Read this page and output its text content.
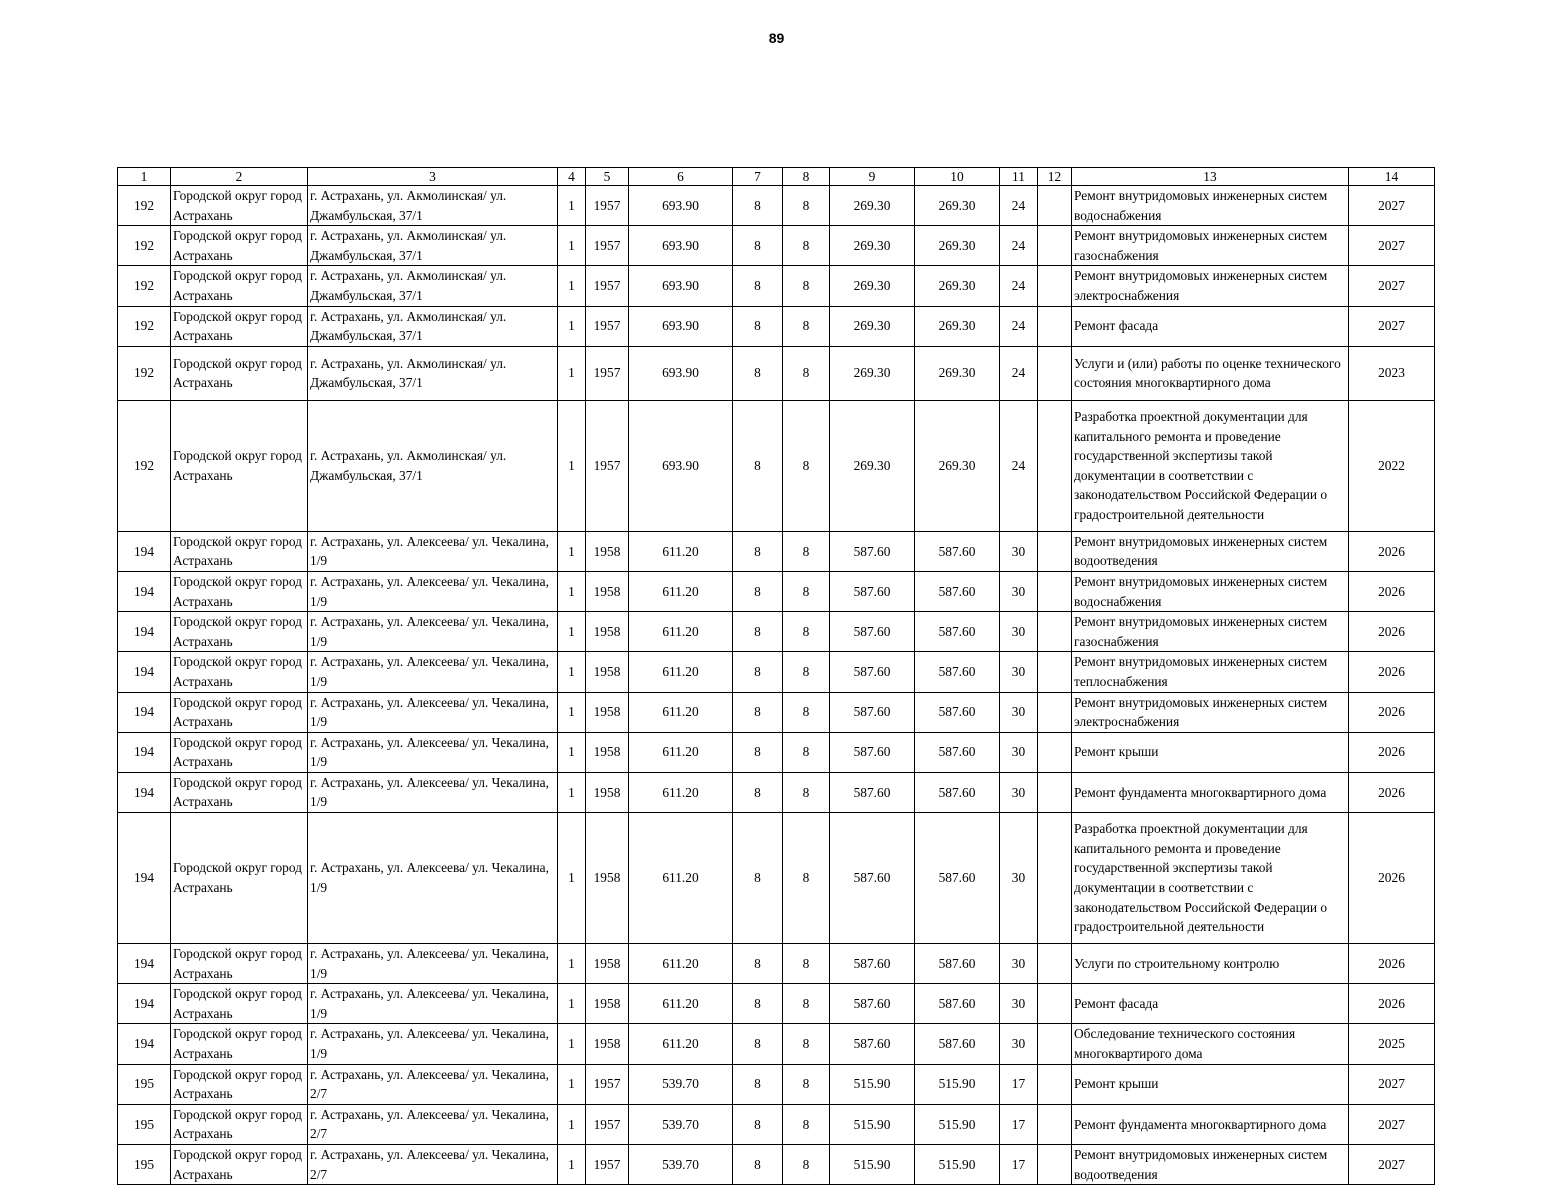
89
1	2	3	4	5	6	7	8	9	10	11	12	13	14
192	Городской округ город Астрахань	г. Астрахань, ул. Акмолинская/ ул. Джамбульская, 37/1	1	1957	693.90	8	8	269.30	269.30	24		Ремонт внутридомовых инженерных систем водоснабжения	2027
192	Городской округ город Астрахань	г. Астрахань, ул. Акмолинская/ ул. Джамбульская, 37/1	1	1957	693.90	8	8	269.30	269.30	24		Ремонт внутридомовых инженерных систем газоснабжения	2027
192	Городской округ город Астрахань	г. Астрахань, ул. Акмолинская/ ул. Джамбульская, 37/1	1	1957	693.90	8	8	269.30	269.30	24		Ремонт внутридомовых инженерных систем электроснабжения	2027
192	Городской округ город Астрахань	г. Астрахань, ул. Акмолинская/ ул. Джамбульская, 37/1	1	1957	693.90	8	8	269.30	269.30	24		Ремонт фасада	2027
192	Городской округ город Астрахань	г. Астрахань, ул. Акмолинская/ ул. Джамбульская, 37/1	1	1957	693.90	8	8	269.30	269.30	24		Услуги и (или) работы по оценке технического состояния многоквартирного дома	2023
192	Городской округ город Астрахань	г. Астрахань, ул. Акмолинская/ ул. Джамбульская, 37/1	1	1957	693.90	8	8	269.30	269.30	24		Разработка проектной документации для капитального ремонта и проведение государственной экспертизы такой документации в соответствии с законодательством Российской Федерации о градостроительной деятельности	2022
194	Городской округ город Астрахань	г. Астрахань, ул. Алексеева/ ул. Чекалина, 1/9	1	1958	611.20	8	8	587.60	587.60	30		Ремонт внутридомовых инженерных систем водоотведения	2026
194	Городской округ город Астрахань	г. Астрахань, ул. Алексеева/ ул. Чекалина, 1/9	1	1958	611.20	8	8	587.60	587.60	30		Ремонт внутридомовых инженерных систем водоснабжения	2026
194	Городской округ город Астрахань	г. Астрахань, ул. Алексеева/ ул. Чекалина, 1/9	1	1958	611.20	8	8	587.60	587.60	30		Ремонт внутридомовых инженерных систем газоснабжения	2026
194	Городской округ город Астрахань	г. Астрахань, ул. Алексеева/ ул. Чекалина, 1/9	1	1958	611.20	8	8	587.60	587.60	30		Ремонт внутридомовых инженерных систем теплоснабжения	2026
194	Городской округ город Астрахань	г. Астрахань, ул. Алексеева/ ул. Чекалина, 1/9	1	1958	611.20	8	8	587.60	587.60	30		Ремонт внутридомовых инженерных систем электроснабжения	2026
194	Городской округ город Астрахань	г. Астрахань, ул. Алексеева/ ул. Чекалина, 1/9	1	1958	611.20	8	8	587.60	587.60	30		Ремонт крыши	2026
194	Городской округ город Астрахань	г. Астрахань, ул. Алексеева/ ул. Чекалина, 1/9	1	1958	611.20	8	8	587.60	587.60	30		Ремонт фундамента многоквартирного дома	2026
194	Городской округ город Астрахань	г. Астрахань, ул. Алексеева/ ул. Чекалина, 1/9	1	1958	611.20	8	8	587.60	587.60	30		Разработка проектной документации для капитального ремонта и проведение государственной экспертизы такой документации в соответствии с законодательством Российской Федерации о градостроительной деятельности	2026
194	Городской округ город Астрахань	г. Астрахань, ул. Алексеева/ ул. Чекалина, 1/9	1	1958	611.20	8	8	587.60	587.60	30		Услуги по строительному контролю	2026
194	Городской округ город Астрахань	г. Астрахань, ул. Алексеева/ ул. Чекалина, 1/9	1	1958	611.20	8	8	587.60	587.60	30		Ремонт фасада	2026
194	Городской округ город Астрахань	г. Астрахань, ул. Алексеева/ ул. Чекалина, 1/9	1	1958	611.20	8	8	587.60	587.60	30		Обследование технического состояния многоквартирого дома	2025
195	Городской округ город Астрахань	г. Астрахань, ул. Алексеева/ ул. Чекалина, 2/7	1	1957	539.70	8	8	515.90	515.90	17		Ремонт крыши	2027
195	Городской округ город Астрахань	г. Астрахань, ул. Алексеева/ ул. Чекалина, 2/7	1	1957	539.70	8	8	515.90	515.90	17		Ремонт фундамента многоквартирного дома	2027
195	Городской округ город Астрахань	г. Астрахань, ул. Алексеева/ ул. Чекалина, 2/7	1	1957	539.70	8	8	515.90	515.90	17		Ремонт внутридомовых инженерных систем водоотведения	2027
